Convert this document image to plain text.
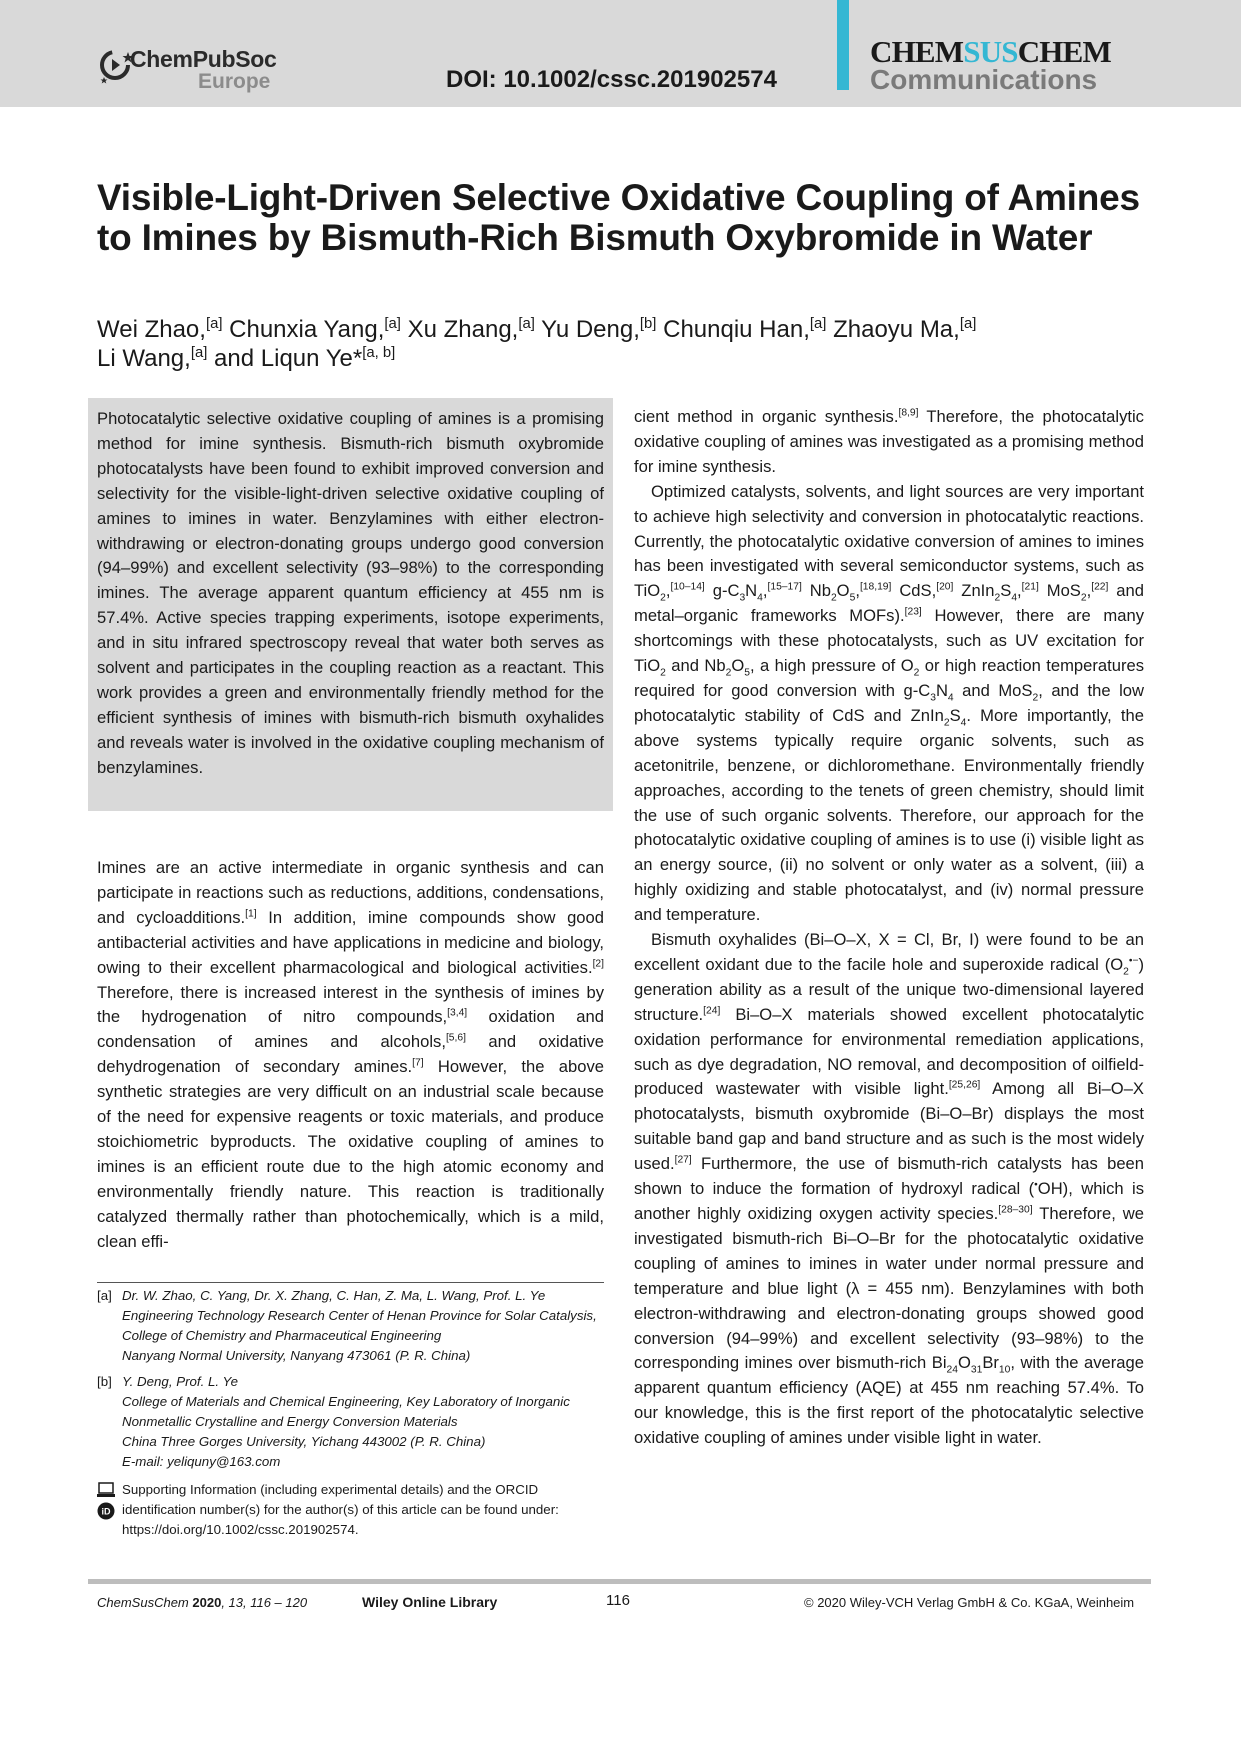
ChemPubSoc
Europe	DOI: 10.1002/cssc.201902574
CHEMSUSCHEM
Communications
Visible-Light-Driven Selective Oxidative Coupling of Amines to Imines by Bismuth-Rich Bismuth Oxybromide in Water
Wei Zhao,[a] Chunxia Yang,[a] Xu Zhang,[a] Yu Deng,[b] Chunqiu Han,[a] Zhaoyu Ma,[a]
Li Wang,[a] and Liqun Ye*[a, b]

Photocatalytic selective oxidative coupling of amines is a promising method for imine synthesis. Bismuth-rich bismuth oxybromide photocatalysts have been found to exhibit improved conversion and selectivity for the visible-light-driven selective oxidative coupling of amines to imines in water. Benzylamines with either electron-withdrawing or electron-donating groups undergo good conversion (94–99%) and excellent selectivity (93–98%) to the corresponding imines. The average apparent quantum efficiency at 455 nm is 57.4%. Active species trapping experiments, isotope experiments, and in situ infrared spectroscopy reveal that water both serves as solvent and participates in the coupling reaction as a reactant. This work provides a green and environmentally friendly method for the efficient synthesis of imines with bismuth-rich bismuth oxyhalides and reveals water is involved in the oxidative coupling mechanism of benzylamines.

Imines are an active intermediate in organic synthesis and can participate in reactions such as reductions, additions, condensations, and cycloadditions.[1] In addition, imine compounds show good antibacterial activities and have applications in medicine and biology, owing to their excellent pharmacological and biological activities.[2] Therefore, there is increased interest in the synthesis of imines by the hydrogenation of nitro compounds,[3,4] oxidation and condensation of amines and alcohols,[5,6] and oxidative dehydrogenation of secondary amines.[7] However, the above synthetic strategies are very difficult on an industrial scale because of the need for expensive reagents or toxic materials, and produce stoichiometric byproducts. The oxidative coupling of amines to imines is an efficient route due to the high atomic economy and environmentally friendly nature. This reaction is traditionally catalyzed thermally rather than photochemically, which is a mild, clean effi-

cient method in organic synthesis.[8,9] Therefore, the photocatalytic oxidative coupling of amines was investigated as a promising method for imine synthesis.

Optimized catalysts, solvents, and light sources are very important to achieve high selectivity and conversion in photocatalytic reactions. Currently, the photocatalytic oxidative conversion of amines to imines has been investigated with several semiconductor systems, such as TiO$_2$,[10–14] $g-C_3N_4,[15-17]$ $Nb_2O_5,[18,19]$ CdS,[20] $ZnIn_2S_4,[21]$ MoS$_2$,[22] and metal–organic frameworks MOFs).[23] However, there are many shortcomings with these photocatalysts, such as UV excitation for TiO$_2$ and $Nb_2O_5$, a high pressure of $O_2$ or high reaction temperatures required for good conversion with $g-C_3N_4$ and MoS$_2$, and the low photocatalytic stability of CdS and $ZnIn_2S_4$. More importantly, the above systems typically require organic solvents, such as acetonitrile, benzene, or dichloromethane. Environmentally friendly approaches, according to the tenets of green chemistry, should limit the use of such organic solvents. Therefore, our approach for the photocatalytic oxidative coupling of amines is to use (i) visible light as an energy source, (ii) no solvent or only water as a solvent, (iii) a highly oxidizing and stable photocatalyst, and (iv) normal pressure and temperature.

Bismuth oxyhalides (Bi–O–X, X = Cl, Br, I) were found to be an excellent oxidant due to the facile hole and superoxide radical $(O_2^{•-})$ generation ability as a result of the unique two-dimensional layered structure.[24] Bi–O–X materials showed excellent photocatalytic oxidation performance for environmental remediation applications, such as dye degradation, NO removal, and decomposition of oilfield-produced wastewater with visible light.[25,26] Among all Bi–O–X photocatalysts, bismuth oxybromide (Bi–O–Br) displays the most suitable band gap and band structure and as such is the most widely used.[27] Furthermore, the use of bismuth-rich catalysts has been shown to induce the formation of hydroxyl radical (•OH), which is another highly oxidizing oxygen activity species.[28–30] Therefore, we investigated bismuth-rich Bi–O–Br for the photocatalytic oxidative coupling of amines to imines in water under normal pressure and temperature and blue light (λ = 455 nm). Benzylamines with both electron-withdrawing and electron-donating groups showed good conversion (94–99%) and excellent selectivity (93–98%) to the corresponding imines over bismuth-rich $Bi_{24}O_{31}Br_{10}$, with the average apparent quantum efficiency (AQE) at 455 nm reaching 57.4%. To our knowledge, this is the first report of the photocatalytic selective oxidative coupling of amines under visible light in water.

[a] Dr. W. Zhao, C. Yang, Dr. X. Zhang, C. Han, Z. Ma, L. Wang, Prof. L. Ye
Engineering Technology Research Center of Henan Province for Solar Catalysis, College of Chemistry and Pharmaceutical Engineering
Nanyang Normal University, Nanyang 473061 (P. R. China)
[b] Y. Deng, Prof. L. Ye
College of Materials and Chemical Engineering, Key Laboratory of Inorganic Nonmetallic Crystalline and Energy Conversion Materials
China Three Gorges University, Yichang 443002 (P. R. China)
E-mail: yeliquny@163.com
iD
Supporting Information (including experimental details) and the ORCID identification number(s) for the author(s) of this article can be found under:
https://doi.org/10.1002/cssc.201902574.
ChemSusChem 2020, 13, 116 – 120	Wiley Online Library	116	© 2020 Wiley-VCH Verlag GmbH & Co. KGaA, Weinheim
